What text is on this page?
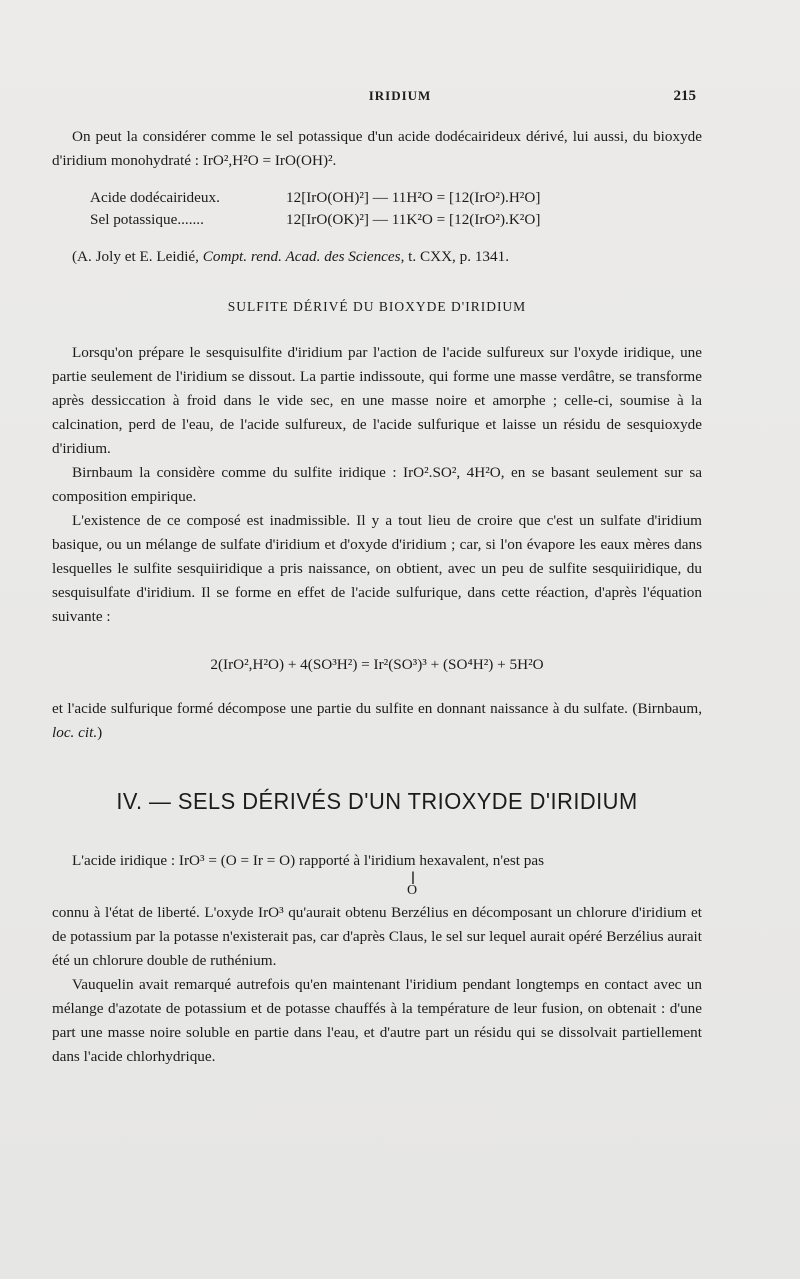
IRIDIUM	215

On peut la considérer comme le sel potassique d'un acide dodécairideux dérivé, lui aussi, du bioxyde d'iridium monohydraté : IrO²,H²O = IrO(OH)².

Acide dodécairideux.	12[IrO(OH)²] — 11H²O = [12(IrO²).H²O]
Sel potassique.......	12[IrO(OK)²] — 11K²O = [12(IrO²).K²O]

(A. Joly et E. Leidié, Compt. rend. Acad. des Sciences, t. CXX, p. 1341.

SULFITE DÉRIVÉ DU BIOXYDE D'IRIDIUM

Lorsqu'on prépare le sesquisulfite d'iridium par l'action de l'acide sulfureux sur l'oxyde iridique, une partie seulement de l'iridium se dissout. La partie indissoute, qui forme une masse verdâtre, se transforme après dessiccation à froid dans le vide sec, en une masse noire et amorphe ; celle-ci, soumise à la calcination, perd de l'eau, de l'acide sulfureux, de l'acide sulfurique et laisse un résidu de sesquioxyde d'iridium.

Birnbaum la considère comme du sulfite iridique : IrO².SO², 4H²O, en se basant seulement sur sa composition empirique.

L'existence de ce composé est inadmissible. Il y a tout lieu de croire que c'est un sulfate d'iridium basique, ou un mélange de sulfate d'iridium et d'oxyde d'iridium ; car, si l'on évapore les eaux mères dans lesquelles le sulfite sesquiiridique a pris naissance, on obtient, avec un peu de sulfite sesquiiridique, du sesquisulfate d'iridium. Il se forme en effet de l'acide sulfurique, dans cette réaction, d'après l'équation suivante :

2(IrO²,H²O) + 4(SO³H²) = Ir²(SO³)³ + (SO⁴H²) + 5H²O

et l'acide sulfurique formé décompose une partie du sulfite en donnant naissance à du sulfate. (Birnbaum, loc. cit.)

IV. — SELS DÉRIVÉS D'UN TRIOXYDE D'IRIDIUM

L'acide iridique : IrO³ = (O = Ir = O) rapporté à l'iridium hexavalent, n'est pas

||
O

connu à l'état de liberté. L'oxyde IrO³ qu'aurait obtenu Berzélius en décomposant un chlorure d'iridium et de potassium par la potasse n'existerait pas, car d'après Claus, le sel sur lequel aurait opéré Berzélius aurait été un chlorure double de ruthénium.

Vauquelin avait remarqué autrefois qu'en maintenant l'iridium pendant longtemps en contact avec un mélange d'azotate de potassium et de potasse chauffés à la température de leur fusion, on obtenait : d'une part une masse noire soluble en partie dans l'eau, et d'autre part un résidu qui se dissolvait partiellement dans l'acide chlorhydrique.
